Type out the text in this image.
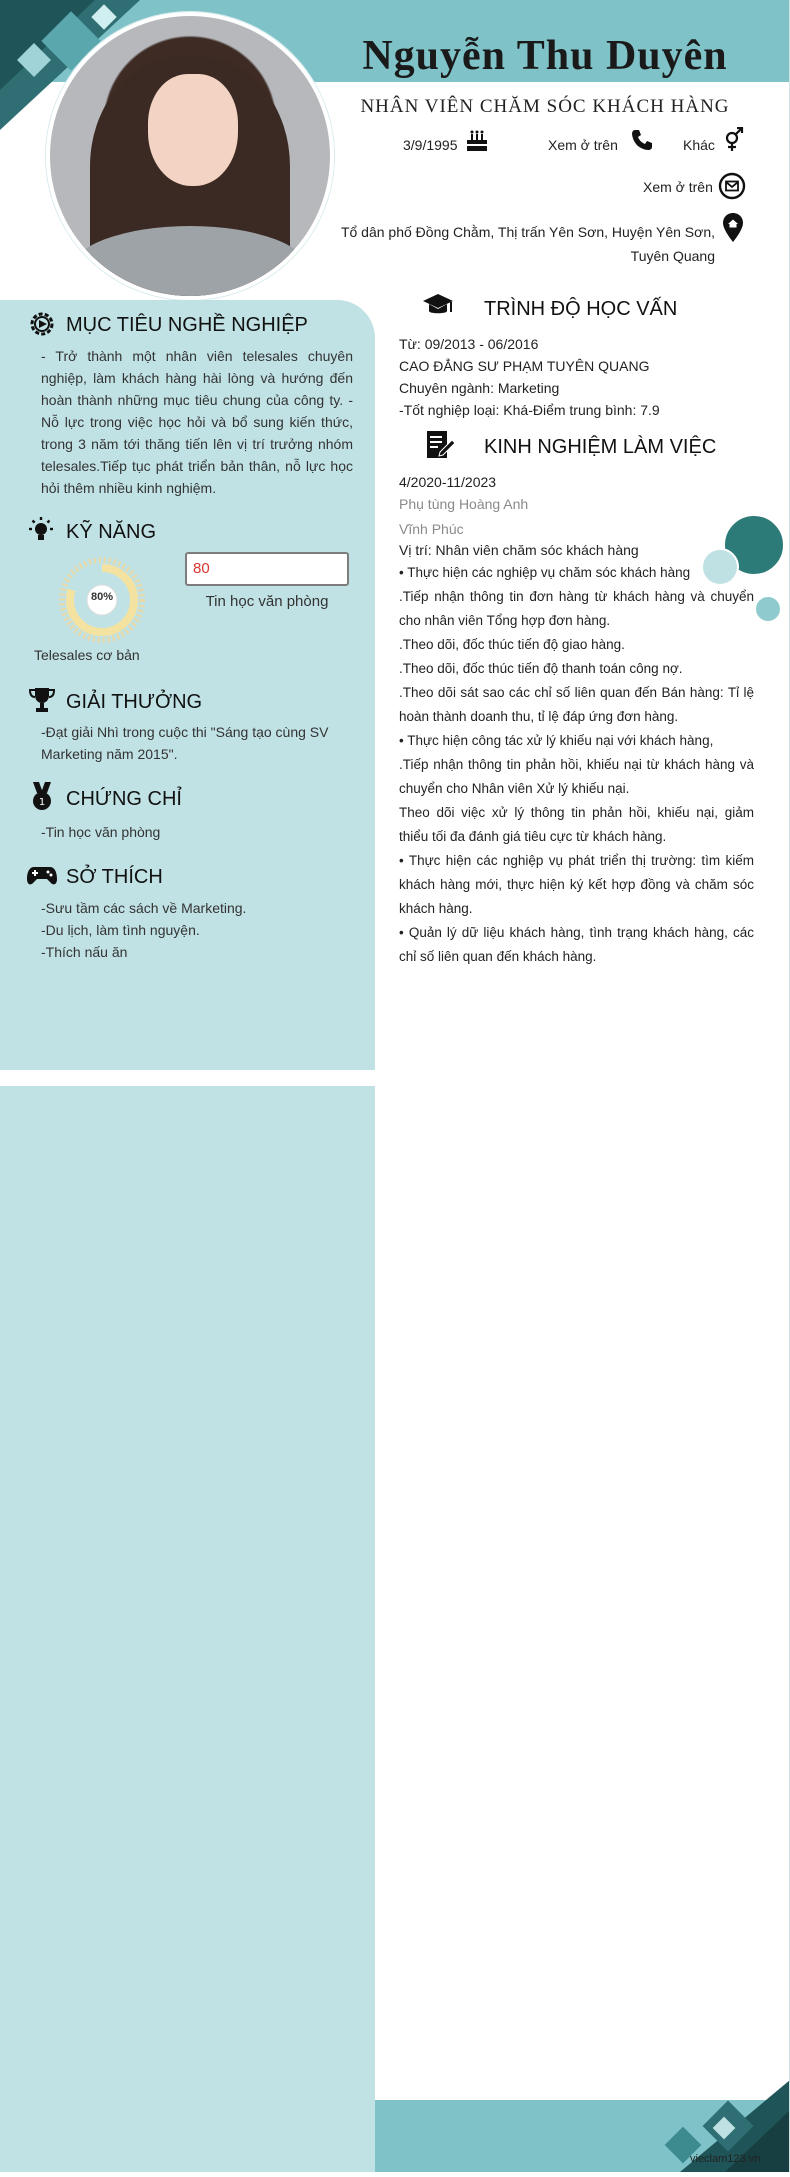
Nguyễn Thu Duyên
NHÂN VIÊN CHĂM SÓC KHÁCH HÀNG
3/9/1995	Xem ở trên	Khác
Xem ở trên
Tổ dân phố Đồng Chằm, Thị trấn Yên Sơn, Huyện Yên Sơn,
Tuyên Quang
MỤC TIÊU NGHỀ NGHIỆP
- Trở thành một nhân viên telesales chuyên nghiệp, làm khách hàng hài lòng và hướng đến hoàn thành những mục tiêu chung của công ty. - Nỗ lực trong việc học hỏi và bổ sung kiến thức, trong 3 năm tới thăng tiến lên vị trí trưởng nhóm telesales.Tiếp tục phát triển bản thân, nỗ lực học hỏi thêm nhiều kinh nghiệm.
KỸ NĂNG
80%
Telesales cơ bản
80
Tin học văn phòng
GIẢI THƯỞNG
-Đạt giải Nhì trong cuộc thi "Sáng tạo cùng SV Marketing năm 2015".
1 CHỨNG CHỈ
-Tin học văn phòng
SỞ THÍCH
-Sưu tầm các sách về Marketing.
-Du lịch, làm tình nguyện.
-Thích nấu ăn
TRÌNH ĐỘ HỌC VẤN
Từ: 09/2013 - 06/2016
CAO ĐẲNG SƯ PHẠM TUYÊN QUANG
Chuyên ngành: Marketing
-Tốt nghiệp loại: Khá-Điểm trung bình: 7.9
KINH NGHIỆM LÀM VIỆC
4/2020-11/2023
Phụ tùng Hoàng Anh
Vĩnh Phúc
Vị trí: Nhân viên chăm sóc khách hàng
• Thực hiện các nghiệp vụ chăm sóc khách hàng
.Tiếp nhận thông tin đơn hàng từ khách hàng và chuyển cho nhân viên Tổng hợp đơn hàng.
.Theo dõi, đốc thúc tiến độ giao hàng.
.Theo dõi, đốc thúc tiến độ thanh toán công nợ.
.Theo dõi sát sao các chỉ số liên quan đến Bán hàng: Tỉ lệ hoàn thành doanh thu, tỉ lệ đáp ứng đơn hàng.
• Thực hiện công tác xử lý khiếu nại với khách hàng,
.Tiếp nhận thông tin phản hồi, khiếu nại từ khách hàng và chuyển cho Nhân viên Xử lý khiếu nại.
Theo dõi việc xử lý thông tin phản hồi, khiếu nại, giảm thiểu tối đa đánh giá tiêu cực từ khách hàng.
• Thực hiện các nghiệp vụ phát triển thị trường: tìm kiếm khách hàng mới, thực hiện ký kết hợp đồng và chăm sóc khách hàng.
• Quản lý dữ liệu khách hàng, tình trạng khách hàng, các chỉ số liên quan đến khách hàng.
vieclam123.vn
